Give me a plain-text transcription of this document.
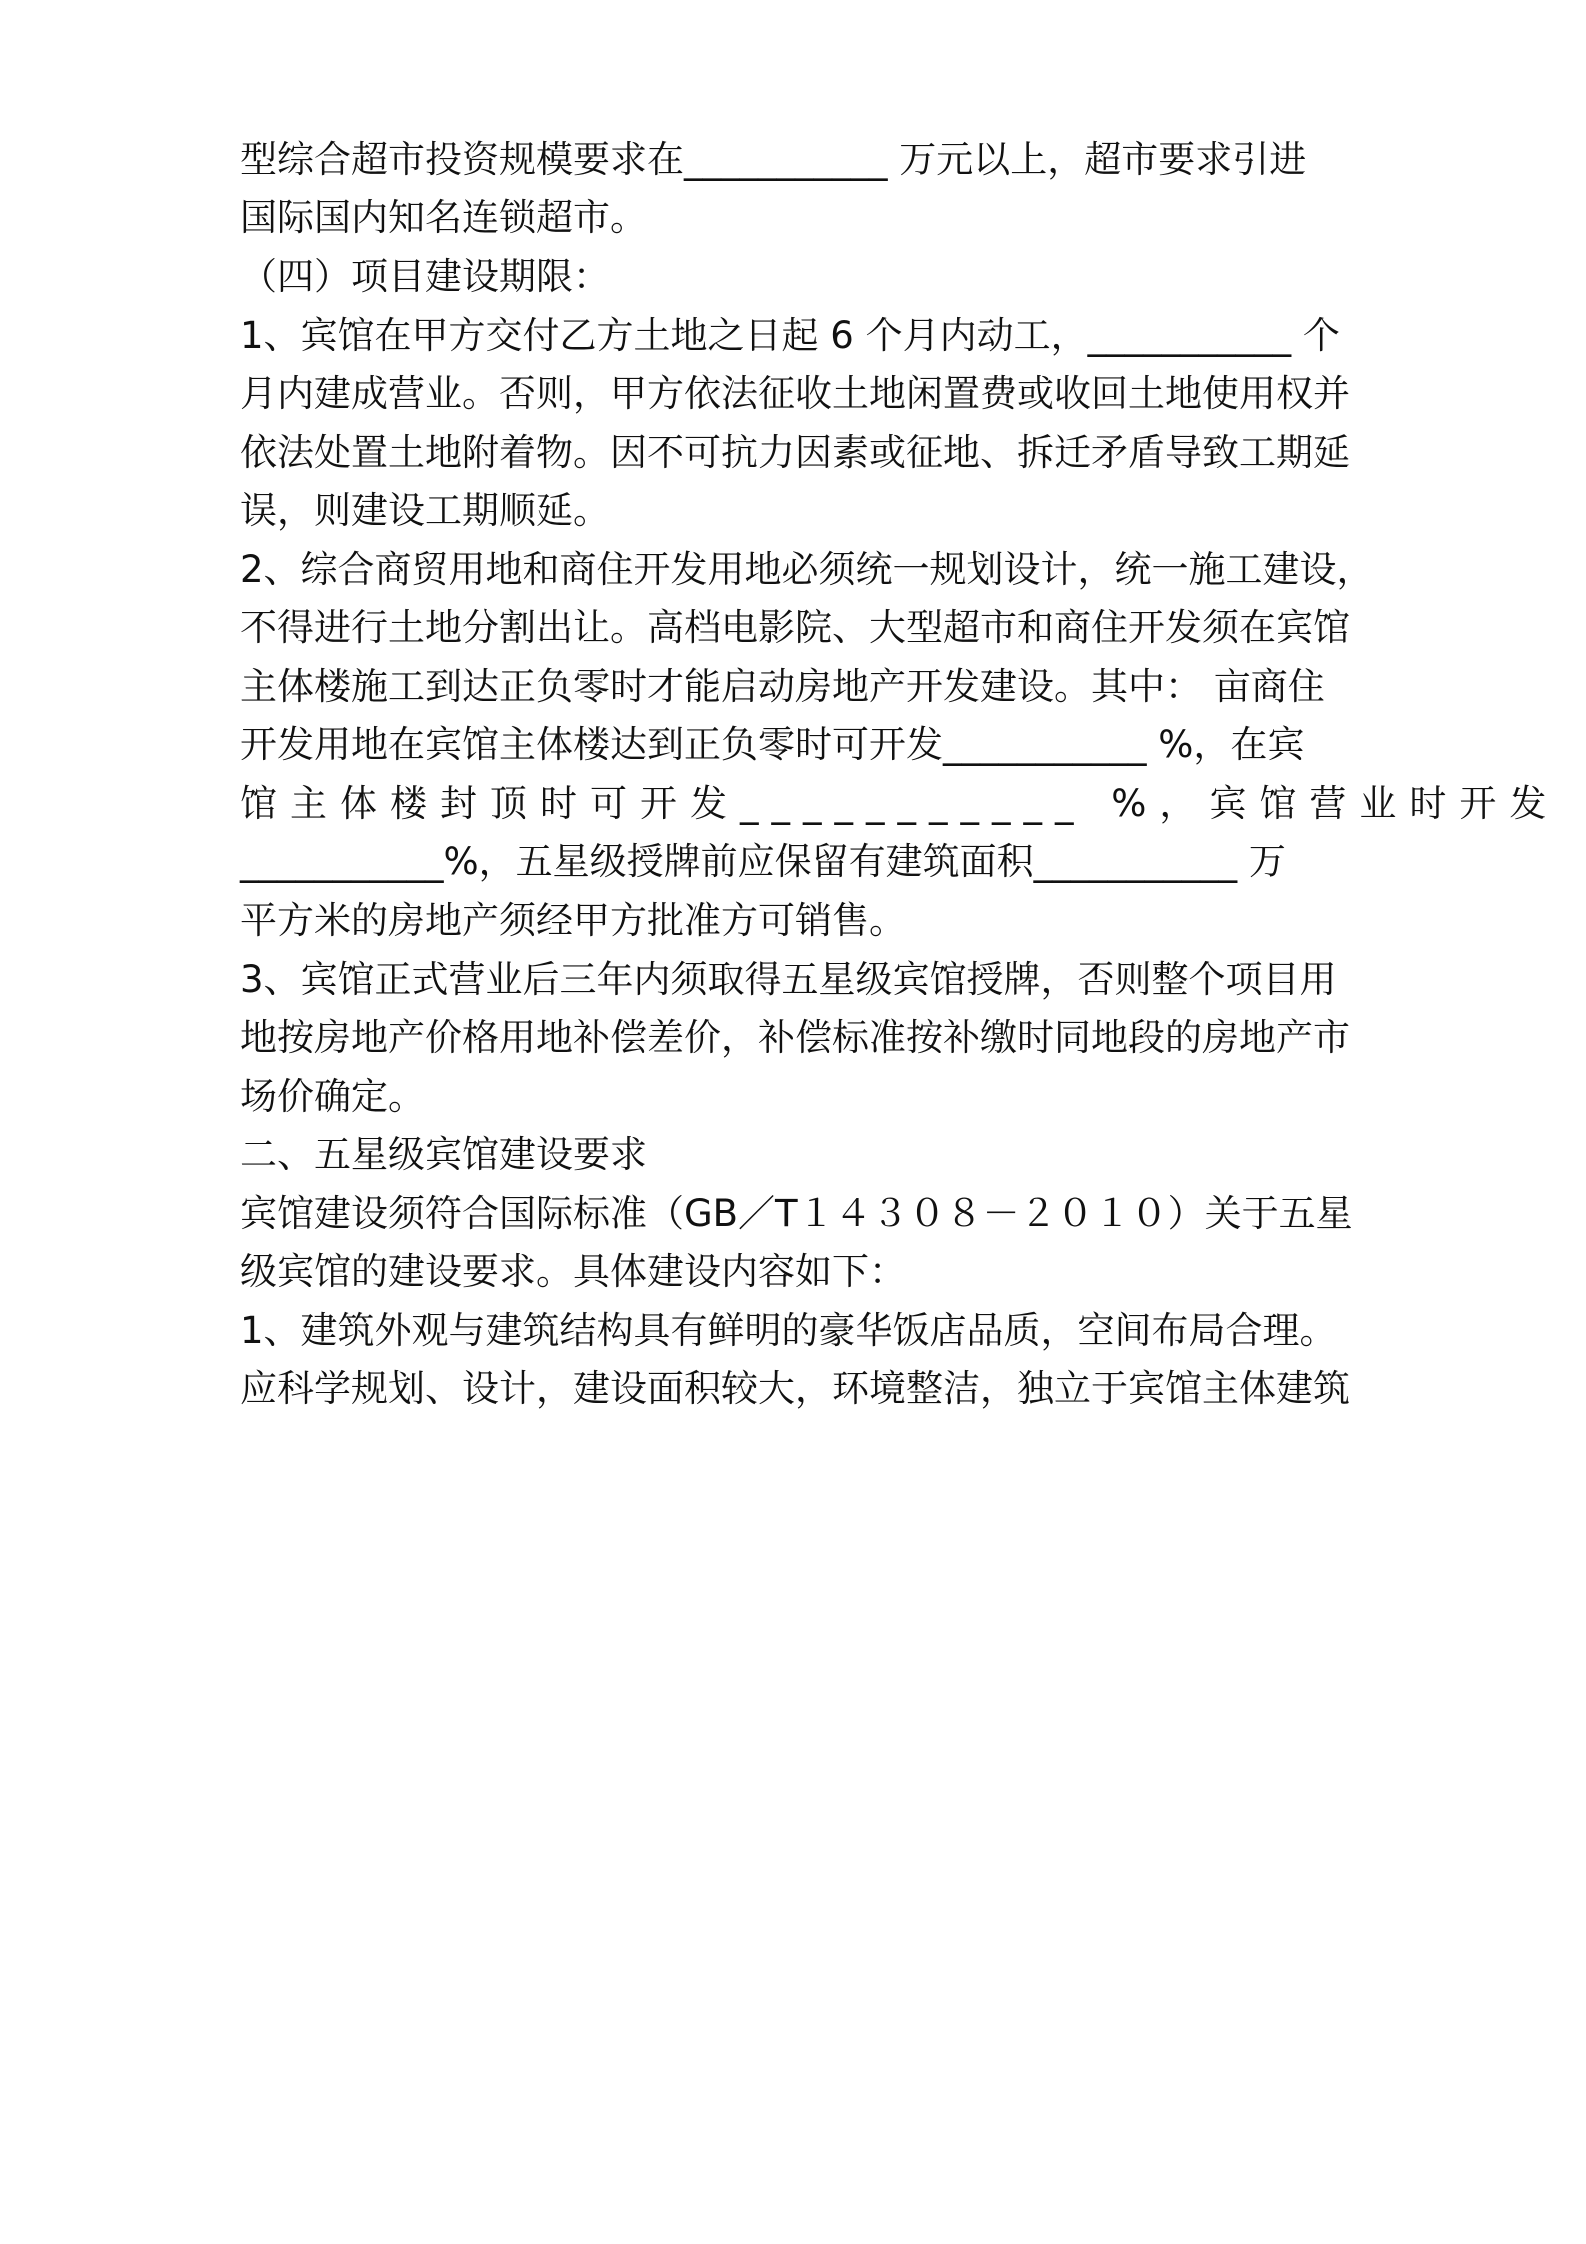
型综合超市投资规模要求在___________ 万元以上，超市要求引进
国际国内知名连锁超市。
（四）项目建设期限：
1、宾馆在甲方交付乙方土地之日起 6 个月内动工，___________ 个
月内建成营业。否则，甲方依法征收土地闲置费或收回土地使用权并
依法处置土地附着物。因不可抗力因素或征地、拆迁矛盾导致工期延
误，则建设工期顺延。
2、综合商贸用地和商住开发用地必须统一规划设计，统一施工建设，
不得进行土地分割出让。高档电影院、大型超市和商住开发须在宾馆
主体楼施工到达正负零时才能启动房地产开发建设。其中： 亩商住
开发用地在宾馆主体楼达到正负零时可开发___________ %，在宾
馆主体楼封顶时可开发___________ %，宾馆营业时开发
___________%，五星级授牌前应保留有建筑面积___________ 万
平方米的房地产须经甲方批准方可销售。
3、宾馆正式营业后三年内须取得五星级宾馆授牌，否则整个项目用
地按房地产价格用地补偿差价，补偿标准按补缴时同地段的房地产市
场价确定。
二、五星级宾馆建设要求
宾馆建设须符合国际标准（GB／T１４３０８－２０１０）关于五星
级宾馆的建设要求。具体建设内容如下：
1、建筑外观与建筑结构具有鲜明的豪华饭店品质，空间布局合理。
应科学规划、设计，建设面积较大，环境整洁，独立于宾馆主体建筑
